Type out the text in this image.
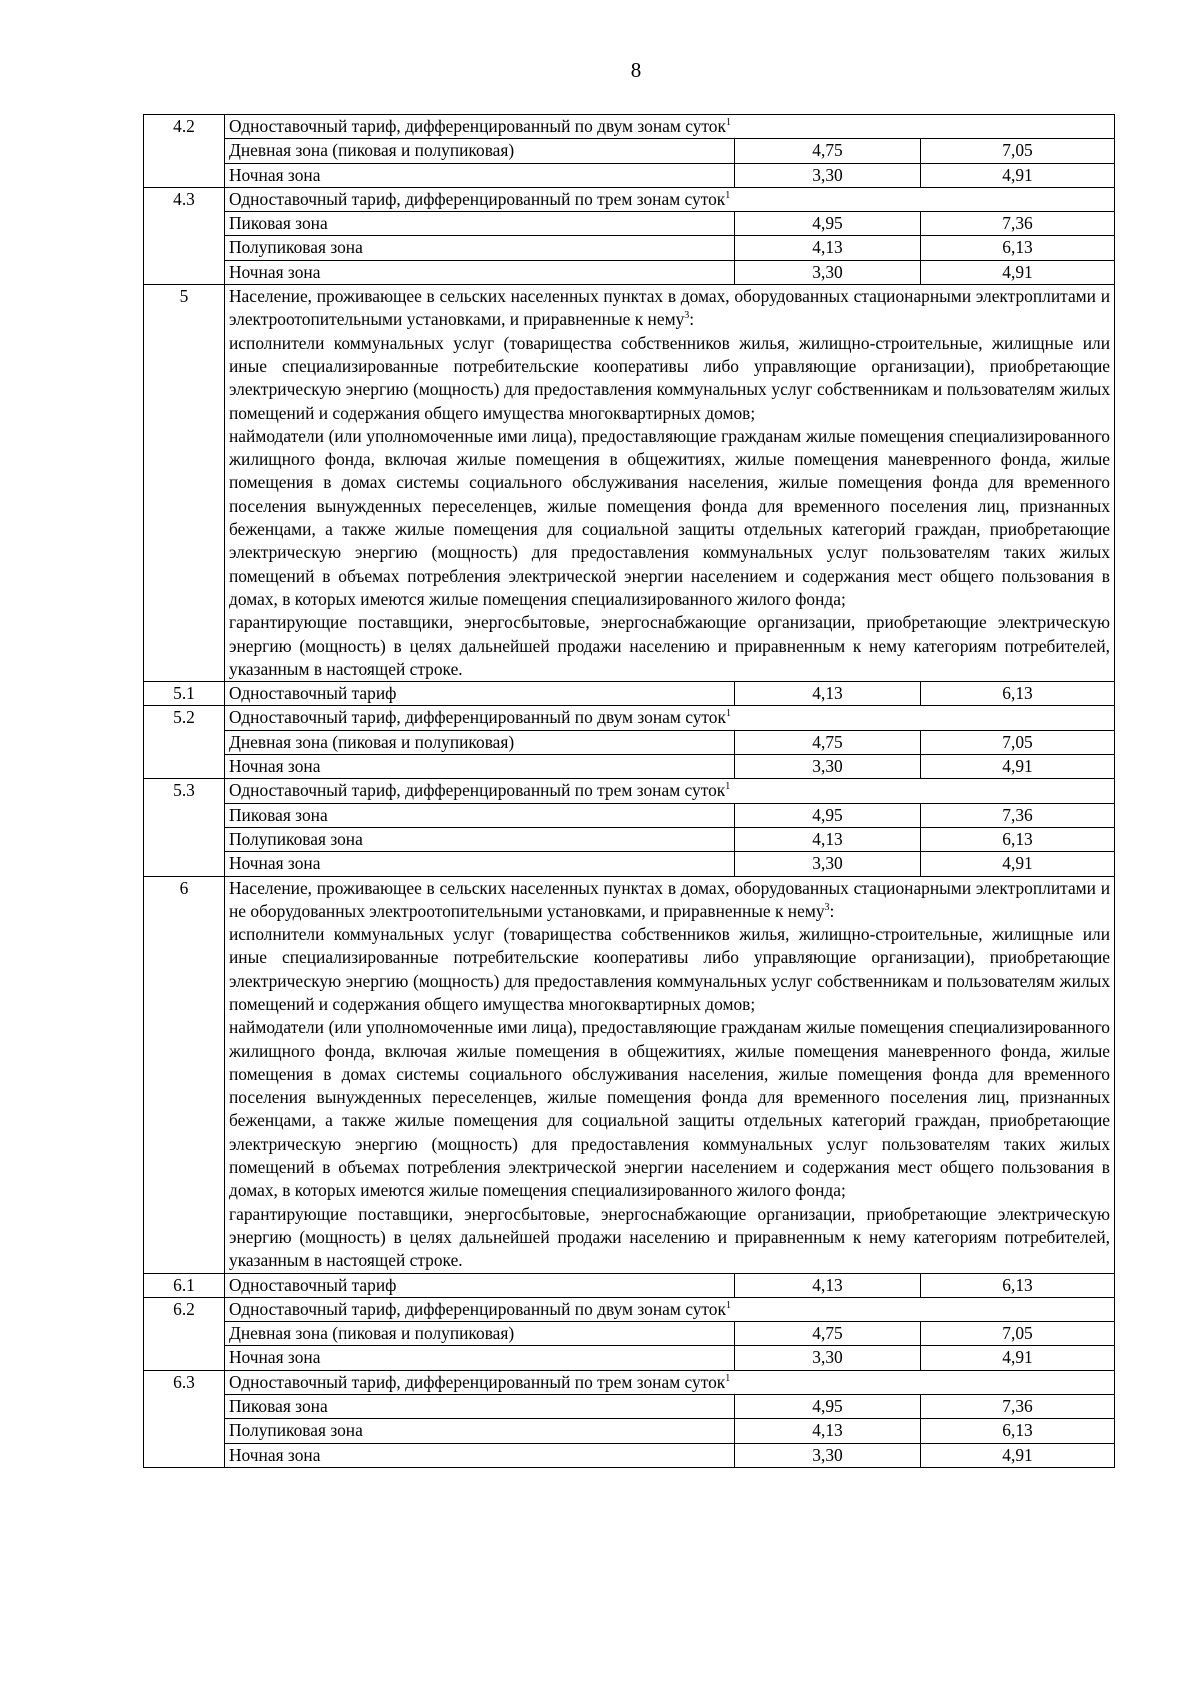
8
4.2	Одноставочный тариф, дифференцированный по двум зонам суток$^1$
	Дневная зона (пиковая и полупиковая)	4,75	7,05
	Ночная зона	3,30	4,91
4.3	Одноставочный тариф, дифференцированный по трем зонам суток$^1$
	Пиковая зона	4,95	7,36
	Полупиковая зона	4,13	6,13
	Ночная зона	3,30	4,91
5	Население, проживающее в сельских населенных пунктах в домах, оборудованных стационарными электроплитами и электроотопительными установками, и приравненные к нему$^3$:

исполнители коммунальных услуг (товарищества собственников жилья, жилищно-строительные, жилищные или иные специализированные потребительские кооперативы либо управляющие организации), приобретающие электрическую энергию (мощность) для предоставления коммунальных услуг собственникам и пользователям жилых помещений и содержания общего имущества многоквартирных домов;

наймодатели (или уполномоченные ими лица), предоставляющие гражданам жилые помещения специализированного жилищного фонда, включая жилые помещения в общежитиях, жилые помещения маневренного фонда, жилые помещения в домах системы социального обслуживания населения, жилые помещения фонда для временного поселения вынужденных переселенцев, жилые помещения фонда для временного поселения лиц, признанных беженцами, а также жилые помещения для социальной защиты отдельных категорий граждан, приобретающие электрическую энергию (мощность) для предоставления коммунальных услуг пользователям таких жилых помещений в объемах потребления электрической энергии населением и содержания мест общего пользования в домах, в которых имеются жилые помещения специализированного жилого фонда;

гарантирующие поставщики, энергосбытовые, энергоснабжающие организации, приобретающие электрическую энергию (мощность) в целях дальнейшей продажи населению и приравненным к нему категориям потребителей, указанным в настоящей строке.		

5.1	Одноставочный тариф	4,13	6,13
5.2	Одноставочный тариф, дифференцированный по двум зонам суток$^1$
	Дневная зона (пиковая и полупиковая)	4,75	7,05
	Ночная зона	3,30	4,91
5.3	Одноставочный тариф, дифференцированный по трем зонам суток$^1$
	Пиковая зона	4,95	7,36
	Полупиковая зона	4,13	6,13
	Ночная зона	3,30	4,91
6	Население, проживающее в сельских населенных пунктах в домах, оборудованных стационарными электроплитами и не оборудованных электроотопительными установками, и приравненные к нему$^3$:

исполнители коммунальных услуг (товарищества собственников жилья, жилищно-строительные, жилищные или иные специализированные потребительские кооперативы либо управляющие организации), приобретающие электрическую энергию (мощность) для предоставления коммунальных услуг собственникам и пользователям жилых помещений и содержания общего имущества многоквартирных домов;

наймодатели (или уполномоченные ими лица), предоставляющие гражданам жилые помещения специализированного жилищного фонда, включая жилые помещения в общежитиях, жилые помещения маневренного фонда, жилые помещения в домах системы социального обслуживания населения, жилые помещения фонда для временного поселения вынужденных переселенцев, жилые помещения фонда для временного поселения лиц, признанных беженцами, а также жилые помещения для социальной защиты отдельных категорий граждан, приобретающие электрическую энергию (мощность) для предоставления коммунальных услуг пользователям таких жилых помещений в объемах потребления электрической энергии населением и содержания мест общего пользования в домах, в которых имеются жилые помещения специализированного жилого фонда;

гарантирующие поставщики, энергосбытовые, энергоснабжающие организации, приобретающие электрическую энергию (мощность) в целях дальнейшей продажи населению и приравненным к нему категориям потребителей, указанным в настоящей строке.		

6.1	Одноставочный тариф	4,13	6,13
6.2	Одноставочный тариф, дифференцированный по двум зонам суток$^1$
	Дневная зона (пиковая и полупиковая)	4,75	7,05
	Ночная зона	3,30	4,91
6.3	Одноставочный тариф, дифференцированный по трем зонам суток$^1$
	Пиковая зона	4,95	7,36
	Полупиковая зона	4,13	6,13
	Ночная зона	3,30	4,91
